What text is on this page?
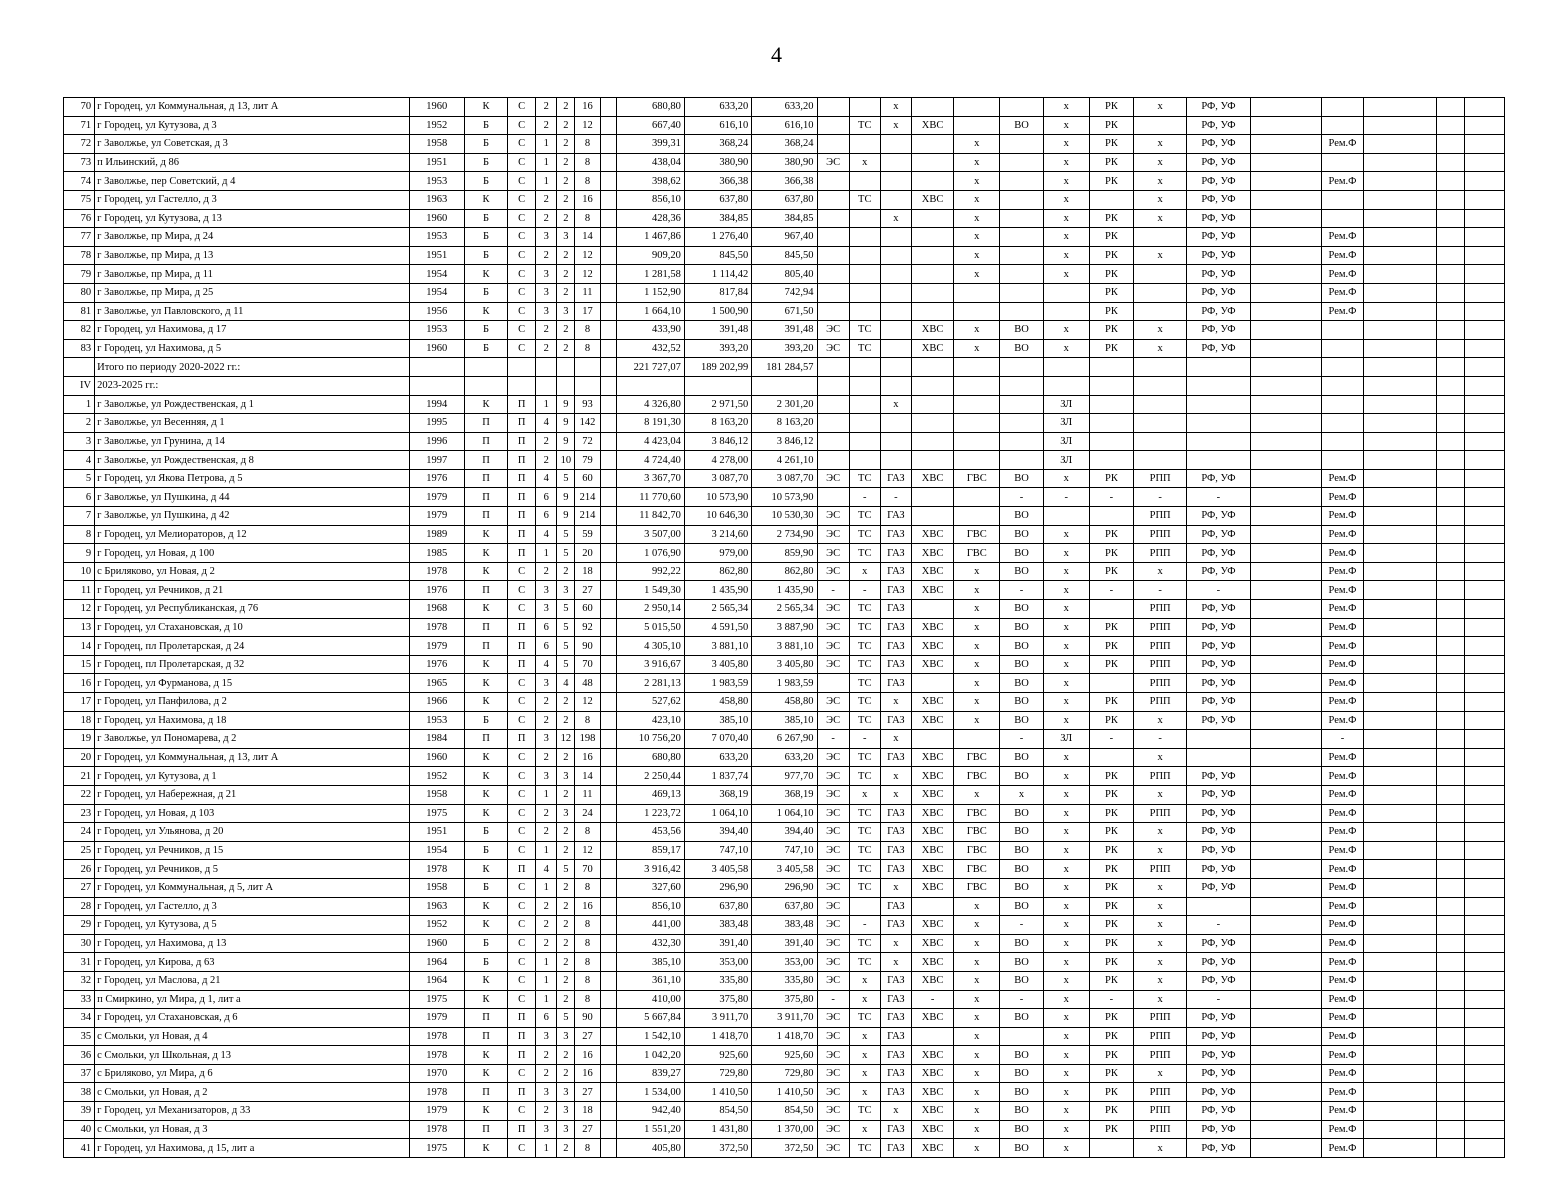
4
70	г Городец, ул Коммунальная, д 13, лит А	1960	К	С	2	2	16		680,80	633,20	633,20			х				х	РК	х	РФ, УФ					
71	г Городец, ул Кутузова, д 3	1952	Б	С	2	2	12		667,40	616,10	616,10		ТС	х	ХВС		ВО	х	РК		РФ, УФ					
72	г Заволжье, ул Советская, д 3	1958	Б	С	1	2	8		399,31	368,24	368,24					х		х	РК	х	РФ, УФ		Рем.Ф			
73	п Ильинский, д 86	1951	Б	С	1	2	8		438,04	380,90	380,90	ЭС	х			х		х	РК	х	РФ, УФ					
74	г Заволжье, пер Советский, д 4	1953	Б	С	1	2	8		398,62	366,38	366,38					х		х	РК	х	РФ, УФ		Рем.Ф			
75	г Городец, ул Гастелло, д 3	1963	К	С	2	2	16		856,10	637,80	637,80		ТС		ХВС	х		х		х	РФ, УФ					
76	г Городец, ул Кутузова, д 13	1960	Б	С	2	2	8		428,36	384,85	384,85			х		х		х	РК	х	РФ, УФ					
77	г Заволжье, пр Мира, д 24	1953	Б	С	3	3	14		1 467,86	1 276,40	967,40					х		х	РК		РФ, УФ		Рем.Ф			
78	г Заволжье, пр Мира, д 13	1951	Б	С	2	2	12		909,20	845,50	845,50					х		х	РК	х	РФ, УФ		Рем.Ф			
79	г Заволжье, пр Мира, д 11	1954	К	С	3	2	12		1 281,58	1 114,42	805,40					х		х	РК		РФ, УФ		Рем.Ф			
80	г Заволжье, пр Мира, д 25	1954	Б	С	3	2	11		1 152,90	817,84	742,94								РК		РФ, УФ		Рем.Ф			
81	г Заволжье, ул Павловского, д 11	1956	К	С	3	3	17		1 664,10	1 500,90	671,50								РК		РФ, УФ		Рем.Ф			
82	г Городец, ул Нахимова, д 17	1953	Б	С	2	2	8		433,90	391,48	391,48	ЭС	ТС		ХВС	х	ВО	х	РК	х	РФ, УФ					
83	г Городец, ул Нахимова, д 5	1960	Б	С	2	2	8		432,52	393,20	393,20	ЭС	ТС		ХВС	х	ВО	х	РК	х	РФ, УФ					
	Итого по периоду 2020-2022 гг.:								221 727,07	189 202,99	181 284,57															
IV	2023-2025 гг.:																									
1	г Заволжье, ул Рождественская, д 1	1994	К	П	1	9	93		4 326,80	2 971,50	2 301,20			х				ЗЛ								
2	г Заволжье, ул Весенняя, д 1	1995	П	П	4	9	142		8 191,30	8 163,20	8 163,20							ЗЛ								
3	г Заволжье, ул Грунина, д 14	1996	П	П	2	9	72		4 423,04	3 846,12	3 846,12							ЗЛ								
4	г Заволжье, ул Рождественская, д 8	1997	П	П	2	10	79		4 724,40	4 278,00	4 261,10							ЗЛ								
5	г Городец, ул Якова Петрова, д 5	1976	П	П	4	5	60		3 367,70	3 087,70	3 087,70	ЭС	ТС	ГАЗ	ХВС	ГВС	ВО	х	РК	РПП	РФ, УФ		Рем.Ф			
6	г Заволжье, ул Пушкина, д 44	1979	П	П	6	9	214		11 770,60	10 573,90	10 573,90		-	-			-	-	-	-	-		Рем.Ф			
7	г Заволжье, ул Пушкина, д 42	1979	П	П	6	9	214		11 842,70	10 646,30	10 530,30	ЭС	ТС	ГАЗ			ВО			РПП	РФ, УФ		Рем.Ф			
8	г Городец, ул Мелиораторов, д 12	1989	К	П	4	5	59		3 507,00	3 214,60	2 734,90	ЭС	ТС	ГАЗ	ХВС	ГВС	ВО	х	РК	РПП	РФ, УФ		Рем.Ф			
9	г Городец, ул Новая, д 100	1985	К	П	1	5	20		1 076,90	979,00	859,90	ЭС	ТС	ГАЗ	ХВС	ГВС	ВО	х	РК	РПП	РФ, УФ		Рем.Ф			
10	с Бриляково, ул Новая, д 2	1978	К	С	2	2	18		992,22	862,80	862,80	ЭС	х	ГАЗ	ХВС	х	ВО	х	РК	х	РФ, УФ		Рем.Ф			
11	г Городец, ул Речников, д 21	1976	П	С	3	3	27		1 549,30	1 435,90	1 435,90	-	-	ГАЗ	ХВС	х	-	х	-	-	-		Рем.Ф			
12	г Городец, ул Республиканская, д 76	1968	К	С	3	5	60		2 950,14	2 565,34	2 565,34	ЭС	ТС	ГАЗ		х	ВО	х		РПП	РФ, УФ		Рем.Ф			
13	г Городец, ул Стахановская, д 10	1978	П	П	6	5	92		5 015,50	4 591,50	3 887,90	ЭС	ТС	ГАЗ	ХВС	х	ВО	х	РК	РПП	РФ, УФ		Рем.Ф			
14	г Городец, пл Пролетарская, д 24	1979	П	П	6	5	90		4 305,10	3 881,10	3 881,10	ЭС	ТС	ГАЗ	ХВС	х	ВО	х	РК	РПП	РФ, УФ		Рем.Ф			
15	г Городец, пл Пролетарская, д 32	1976	К	П	4	5	70		3 916,67	3 405,80	3 405,80	ЭС	ТС	ГАЗ	ХВС	х	ВО	х	РК	РПП	РФ, УФ		Рем.Ф			
16	г Городец, ул Фурманова, д 15	1965	К	С	3	4	48		2 281,13	1 983,59	1 983,59		ТС	ГАЗ		х	ВО	х		РПП	РФ, УФ		Рем.Ф			
17	г Городец, ул Панфилова, д 2	1966	К	С	2	2	12		527,62	458,80	458,80	ЭС	ТС	х	ХВС	х	ВО	х	РК	РПП	РФ, УФ		Рем.Ф			
18	г Городец, ул Нахимова, д 18	1953	Б	С	2	2	8		423,10	385,10	385,10	ЭС	ТС	ГАЗ	ХВС	х	ВО	х	РК	х	РФ, УФ		Рем.Ф			
19	г Заволжье, ул Пономарева, д 2	1984	П	П	3	12	198		10 756,20	7 070,40	6 267,90	-	-	х			-	ЗЛ	-	-			-			
20	г Городец, ул Коммунальная, д 13, лит А	1960	К	С	2	2	16		680,80	633,20	633,20	ЭС	ТС	ГАЗ	ХВС	ГВС	ВО	х		х			Рем.Ф			
21	г Городец, ул Кутузова, д 1	1952	К	С	3	3	14		2 250,44	1 837,74	977,70	ЭС	ТС	х	ХВС	ГВС	ВО	х	РК	РПП	РФ, УФ		Рем.Ф			
22	г Городец, ул Набережная, д 21	1958	К	С	1	2	11		469,13	368,19	368,19	ЭС	х	х	ХВС	х	х	х	РК	х	РФ, УФ		Рем.Ф			
23	г Городец, ул Новая, д 103	1975	К	С	2	3	24		1 223,72	1 064,10	1 064,10	ЭС	ТС	ГАЗ	ХВС	ГВС	ВО	х	РК	РПП	РФ, УФ		Рем.Ф			
24	г Городец, ул Ульянова, д 20	1951	Б	С	2	2	8		453,56	394,40	394,40	ЭС	ТС	ГАЗ	ХВС	ГВС	ВО	х	РК	х	РФ, УФ		Рем.Ф			
25	г Городец, ул Речников, д 15	1954	Б	С	1	2	12		859,17	747,10	747,10	ЭС	ТС	ГАЗ	ХВС	ГВС	ВО	х	РК	х	РФ, УФ		Рем.Ф			
26	г Городец, ул Речников, д 5	1978	К	П	4	5	70		3 916,42	3 405,58	3 405,58	ЭС	ТС	ГАЗ	ХВС	ГВС	ВО	х	РК	РПП	РФ, УФ		Рем.Ф			
27	г Городец, ул Коммунальная, д 5, лит А	1958	Б	С	1	2	8		327,60	296,90	296,90	ЭС	ТС	х	ХВС	ГВС	ВО	х	РК	х	РФ, УФ		Рем.Ф			
28	г Городец, ул Гастелло, д 3	1963	К	С	2	2	16		856,10	637,80	637,80	ЭС		ГАЗ		х	ВО	х	РК	х			Рем.Ф			
29	г Городец, ул Кутузова, д 5	1952	К	С	2	2	8		441,00	383,48	383,48	ЭС	-	ГАЗ	ХВС	х	-	х	РК	х	-		Рем.Ф			
30	г Городец, ул Нахимова, д 13	1960	Б	С	2	2	8		432,30	391,40	391,40	ЭС	ТС	х	ХВС	х	ВО	х	РК	х	РФ, УФ		Рем.Ф			
31	г Городец, ул Кирова, д 63	1964	Б	С	1	2	8		385,10	353,00	353,00	ЭС	ТС	х	ХВС	х	ВО	х	РК	х	РФ, УФ		Рем.Ф			
32	г Городец, ул Маслова, д 21	1964	К	С	1	2	8		361,10	335,80	335,80	ЭС	х	ГАЗ	ХВС	х	ВО	х	РК	х	РФ, УФ		Рем.Ф			
33	п Смиркино, ул Мира, д 1, лит а	1975	К	С	1	2	8		410,00	375,80	375,80	-	х	ГАЗ	-	х	-	х	-	х	-		Рем.Ф			
34	г Городец, ул Стахановская, д 6	1979	П	П	6	5	90		5 667,84	3 911,70	3 911,70	ЭС	ТС	ГАЗ	ХВС	х	ВО	х	РК	РПП	РФ, УФ		Рем.Ф			
35	с Смольки, ул Новая, д 4	1978	П	П	3	3	27		1 542,10	1 418,70	1 418,70	ЭС	х	ГАЗ		х		х	РК	РПП	РФ, УФ		Рем.Ф			
36	с Смольки, ул Школьная, д 13	1978	К	П	2	2	16		1 042,20	925,60	925,60	ЭС	х	ГАЗ	ХВС	х	ВО	х	РК	РПП	РФ, УФ		Рем.Ф			
37	с Бриляково, ул Мира, д 6	1970	К	С	2	2	16		839,27	729,80	729,80	ЭС	х	ГАЗ	ХВС	х	ВО	х	РК	х	РФ, УФ		Рем.Ф			
38	с Смольки, ул Новая, д 2	1978	П	П	3	3	27		1 534,00	1 410,50	1 410,50	ЭС	х	ГАЗ	ХВС	х	ВО	х	РК	РПП	РФ, УФ		Рем.Ф			
39	г Городец, ул Механизаторов, д 33	1979	К	С	2	3	18		942,40	854,50	854,50	ЭС	ТС	х	ХВС	х	ВО	х	РК	РПП	РФ, УФ		Рем.Ф			
40	с Смольки, ул Новая, д 3	1978	П	П	3	3	27		1 551,20	1 431,80	1 370,00	ЭС	х	ГАЗ	ХВС	х	ВО	х	РК	РПП	РФ, УФ		Рем.Ф			
41	г Городец, ул Нахимова, д 15, лит а	1975	К	С	1	2	8		405,80	372,50	372,50	ЭС	ТС	ГАЗ	ХВС	х	ВО	х		х	РФ, УФ		Рем.Ф			
